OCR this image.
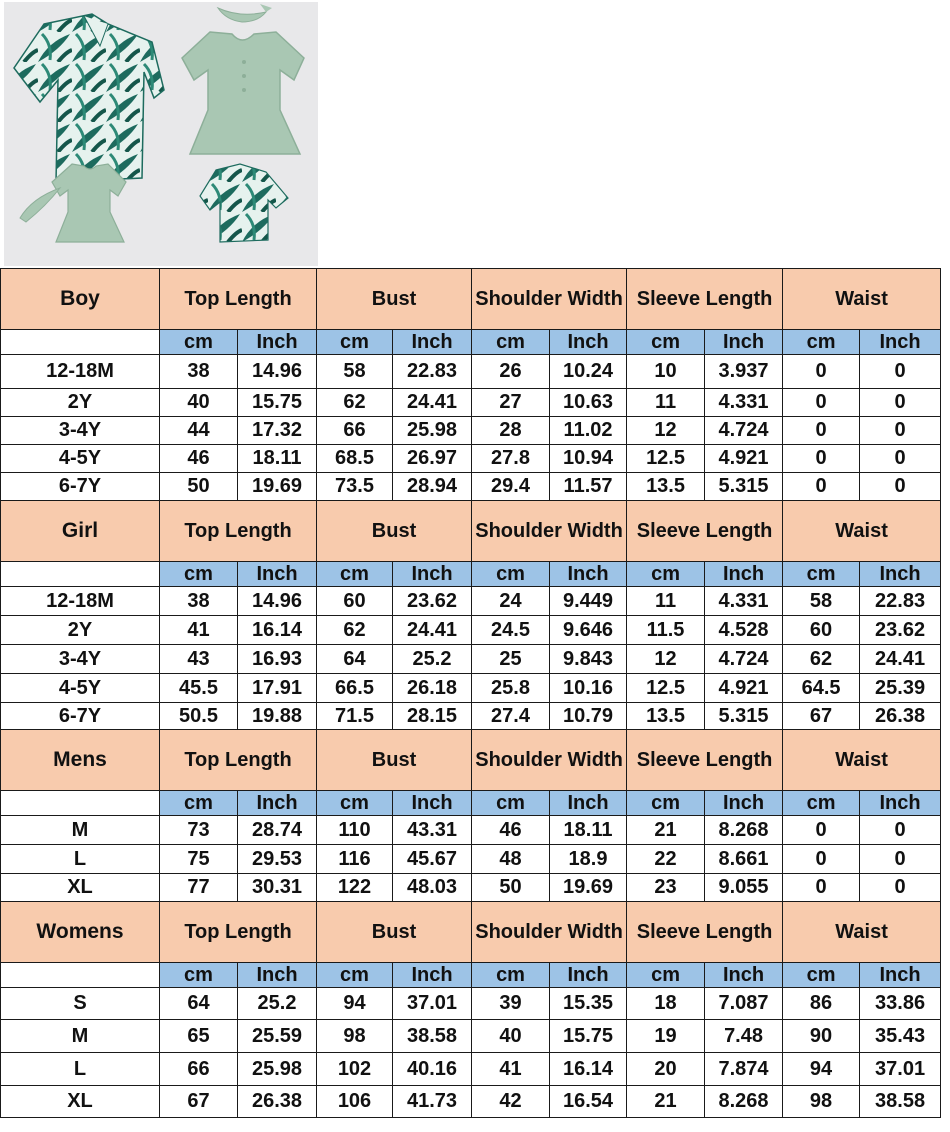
Boy	Top Length		Bust		Shoulder Width		Sleeve Length		Waist	
	cm	Inch	cm	Inch	cm	Inch	cm	Inch	cm	Inch
12-18M	38	14.96	58	22.83	26	10.24	10	3.937	0	0
2Y	40	15.75	62	24.41	27	10.63	11	4.331	0	0
3-4Y	44	17.32	66	25.98	28	11.02	12	4.724	0	0
4-5Y	46	18.11	68.5	26.97	27.8	10.94	12.5	4.921	0	0
6-7Y	50	19.69	73.5	28.94	29.4	11.57	13.5	5.315	0	0
Girl	Top Length		Bust		Shoulder Width		Sleeve Length		Waist	
	cm	Inch	cm	Inch	cm	Inch	cm	Inch	cm	Inch
12-18M	38	14.96	60	23.62	24	9.449	11	4.331	58	22.83
2Y	41	16.14	62	24.41	24.5	9.646	11.5	4.528	60	23.62
3-4Y	43	16.93	64	25.2	25	9.843	12	4.724	62	24.41
4-5Y	45.5	17.91	66.5	26.18	25.8	10.16	12.5	4.921	64.5	25.39
6-7Y	50.5	19.88	71.5	28.15	27.4	10.79	13.5	5.315	67	26.38
Mens	Top Length		Bust		Shoulder Width		Sleeve Length		Waist	
	cm	Inch	cm	Inch	cm	Inch	cm	Inch	cm	Inch
M	73	28.74	110	43.31	46	18.11	21	8.268	0	0
L	75	29.53	116	45.67	48	18.9	22	8.661	0	0
XL	77	30.31	122	48.03	50	19.69	23	9.055	0	0
Womens	Top Length		Bust		Shoulder Width		Sleeve Length		Waist	
	cm	Inch	cm	Inch	cm	Inch	cm	Inch	cm	Inch
S	64	25.2	94	37.01	39	15.35	18	7.087	86	33.86
M	65	25.59	98	38.58	40	15.75	19	7.48	90	35.43
L	66	25.98	102	40.16	41	16.14	20	7.874	94	37.01
XL	67	26.38	106	41.73	42	16.54	21	8.268	98	38.58
